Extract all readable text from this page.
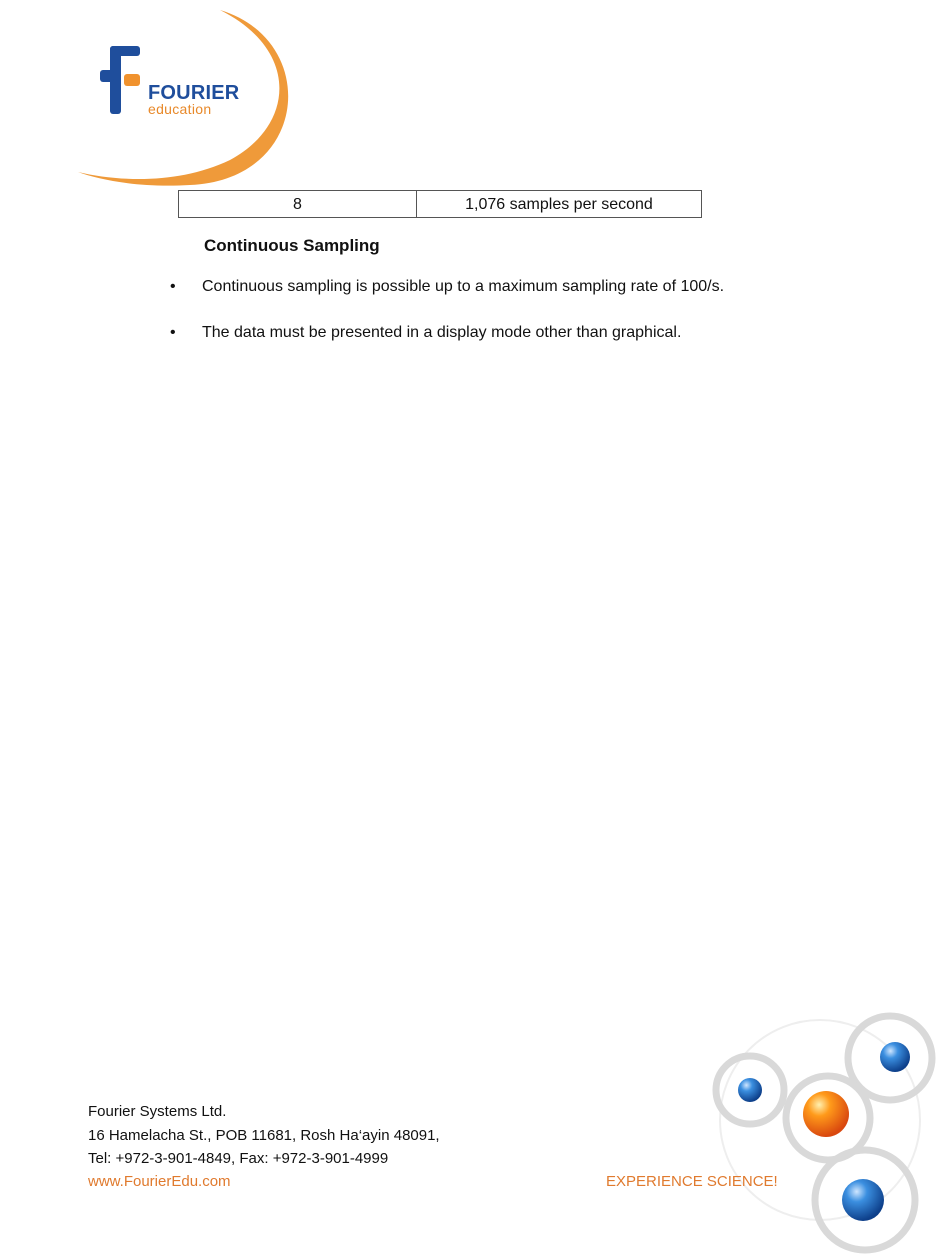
FOURIER
education
8	1,076 samples per second
Continuous Sampling
• Continuous sampling is possible up to a maximum sampling rate of 100/s.
• The data must be presented in a display mode other than graphical.
Fourier Systems Ltd.
16 Hamelacha St., POB 11681, Rosh Ha‘ayin 48091,
Tel: +972-3-901-4849, Fax: +972-3-901-4999
www.FourierEdu.com	EXPERIENCE SCIENCE!
